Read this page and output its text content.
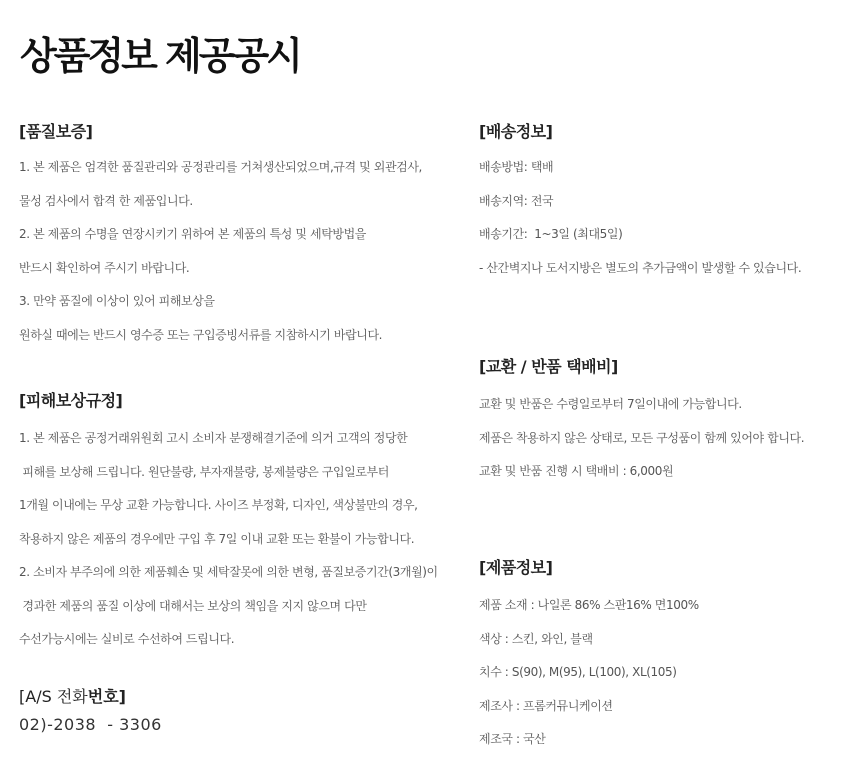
상품정보 제공공시
[품질보증]
1. 본 제품은 엄격한 품질관리와 공정관리를 거쳐생산되었으며,규격 및 외관검사,
물성 검사에서 합격 한 제품입니다.
2. 본 제품의 수명을 연장시키기 위하여 본 제품의 특성 및 세탁방법을
반드시 확인하여 주시기 바랍니다.
3. 만약 품질에 이상이 있어 피해보상을
원하실 때에는 반드시 영수증 또는 구입증빙서류를 지참하시기 바랍니다.
[피해보상규정]
1. 본 제품은 공정거래위원회 고시 소비자 분쟁해결기준에 의거 고객의 정당한
피해를 보상해 드립니다. 원단불량, 부자재불량, 봉제불량은 구입일로부터
1개월 이내에는 무상 교환 가능합니다. 사이즈 부정확, 디자인, 색상불만의 경우,
착용하지 않은 제품의 경우에만 구입 후 7일 이내 교환 또는 환불이 가능합니다.
2. 소비자 부주의에 의한 제품훼손 및 세탁잘못에 의한 변형, 품질보증기간(3개월)이
경과한 제품의 품질 이상에 대해서는 보상의 책임을 지지 않으며 다만
수선가능시에는 실비로 수선하여 드립니다.
[A/S 전화번호]
02)-2038  - 3306
[배송정보]
배송방법: 택배
배송지역: 전국
배송기간:  1~3일 (최대5일)
- 산간벽지나 도서지방은 별도의 추가금액이 발생할 수 있습니다.
[교환 / 반품 택배비]
교환 및 반품은 수령일로부터 7일이내에 가능합니다.
제품은 착용하지 않은 상태로, 모든 구성품이 함께 있어야 합니다.
교환 및 반품 진행 시 택배비 : 6,000원
[제품정보]
제품 소재 : 나일론 86% 스판16% 면100%
색상 : 스킨, 와인, 블랙
치수 : S(90), M(95), L(100), XL(105)
제조사 : 프롬커뮤니케이션
제조국 : 국산
